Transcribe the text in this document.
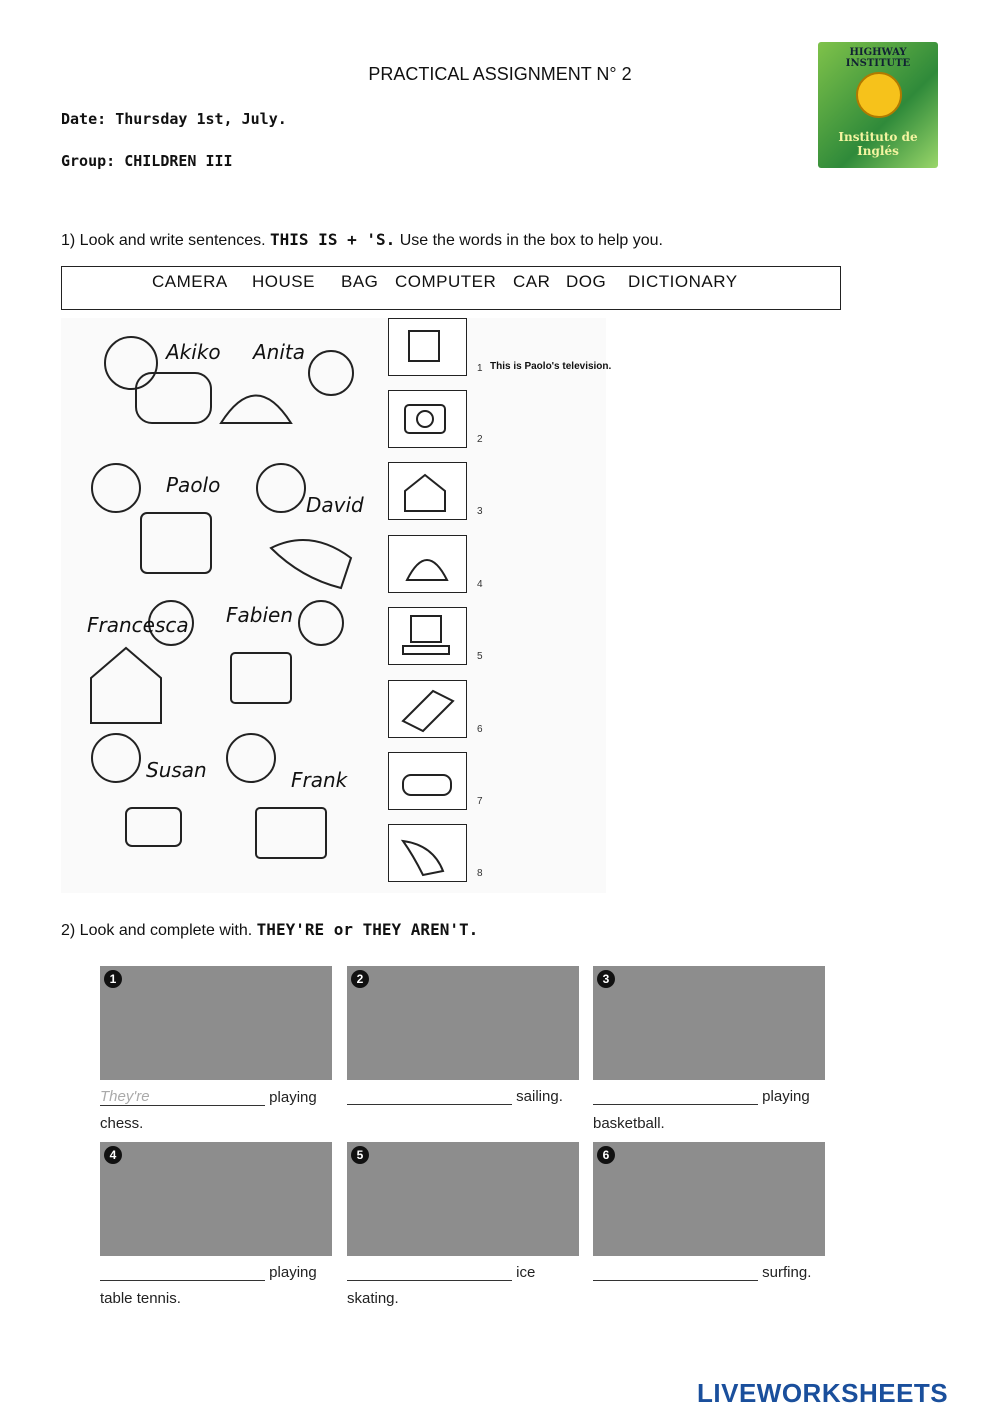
PRACTICAL ASSIGNMENT N° 2
HIGHWAY INSTITUTE
Instituto de Inglés
Date: Thursday 1st, July.
Group: CHILDREN III
1) Look and write sentences. THIS IS + 'S. Use the words in the box to help you.
CAMERA HOUSE BAG COMPUTER CAR DOG DICTIONARY
Akiko Anita
Paolo
David
Francesca Fabien
Susan	Frank
1 This is Paolo's television.
2
3
4
5
6
7
8
2) Look and complete with. THEY'RE or THEY AREN'T.
1	2	3
They're	playing
chess.
sailing.	playing
basketball.
4	5	6
playing
table tennis.
ice
skating.
surfing.
LIVEWORKSHEETS
